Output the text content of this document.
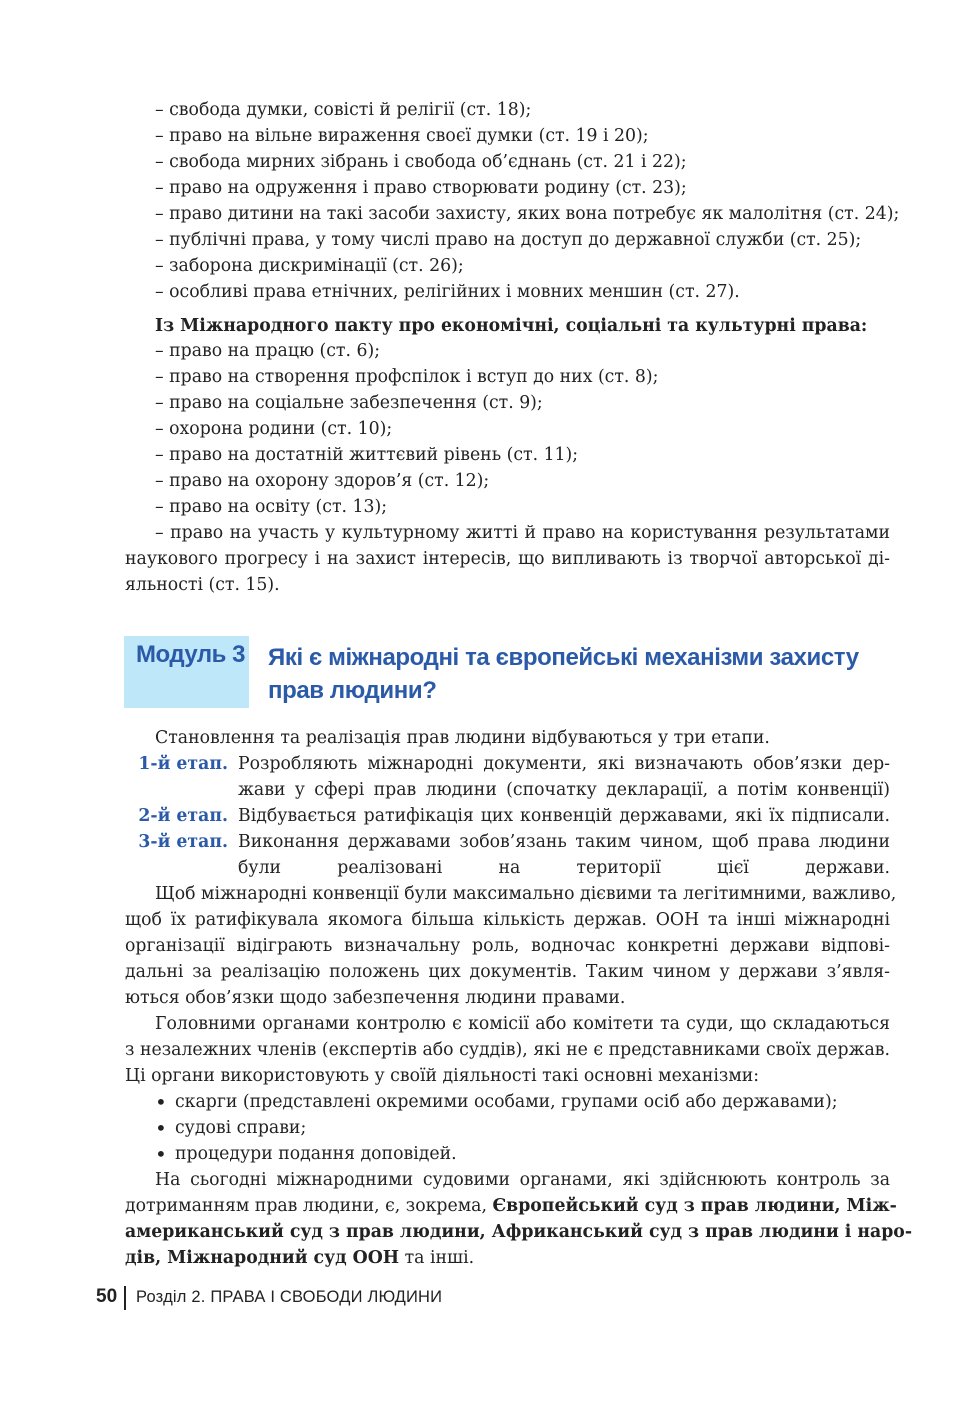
– свобода думки, совісті й релігії (ст. 18);
– право на вільне вираження своєї думки (ст. 19 і 20);
– свобода мирних зібрань і свобода об’єднань (ст. 21 і 22);
– право на одруження і право створювати родину (ст. 23);
– право дитини на такі засоби захисту, яких вона потребує як малолітня (ст. 24);
– публічні права, у тому числі право на доступ до державної служби (ст. 25);
– заборона дискримінації (ст. 26);
– особливі права етнічних, релігійних і мовних меншин (ст. 27).
Із Міжнародного пакту про економічні, соціальні та культурні права:
– право на працю (ст. 6);
– право на створення профспілок і вступ до них (ст. 8);
– право на соціальне забезпечення (ст. 9);
– охорона родини (ст. 10);
– право на достатній життєвий рівень (ст. 11);
– право на охорону здоров’я (ст. 12);
– право на освіту (ст. 13);
– право на участь у культурному житті й право на користування результатами
наукового прогресу і на захист інтересів, що випливають із творчої авторської ді-
яльності (ст. 15).
Модуль 3 Які є міжнародні та європейські механізми захисту прав людини?
Становлення та реалізація прав людини відбуваються у три етапи.
1-й етап. Розробляють міжнародні документи, які визначають обов’язки дер-
жави у сфері прав людини (спочатку декларації, а потім конвенції)
2-й етап. Відбувається ратифікація цих конвенцій державами, які їх підписали.
3-й етап. Виконання державами зобов’язань таким чином, щоб права людини
були реалізовані на території цієї держави.
Щоб міжнародні конвенції були максимально дієвими та легітимними, важливо,
щоб їх ратифікувала якомога більша кількість держав. ООН та інші міжнародні
організації відіграють визначальну роль, водночас конкретні держави відпові-
дальні за реалізацію положень цих документів. Таким чином у держави з’явля-
ються обов’язки щодо забезпечення людини правами.
Головними органами контролю є комісії або комітети та суди, що складаються
з незалежних членів (експертів або суддів), які не є представниками своїх держав.
Ці органи використовують у своїй діяльності такі основні механізми:
• скарги (представлені окремими особами, групами осіб або державами);
• судові справи;
• процедури подання доповідей.
На сьогодні міжнародними судовими органами, які здійснюють контроль за
дотриманням прав людини, є, зокрема, Європейський суд з прав людини, Між-
американський суд з прав людини, Африканський суд з прав людини і наро-
дів, Міжнародний суд ООН та інші.
50 Розділ 2. ПРАВА І СВОБОДИ ЛЮДИНИ
